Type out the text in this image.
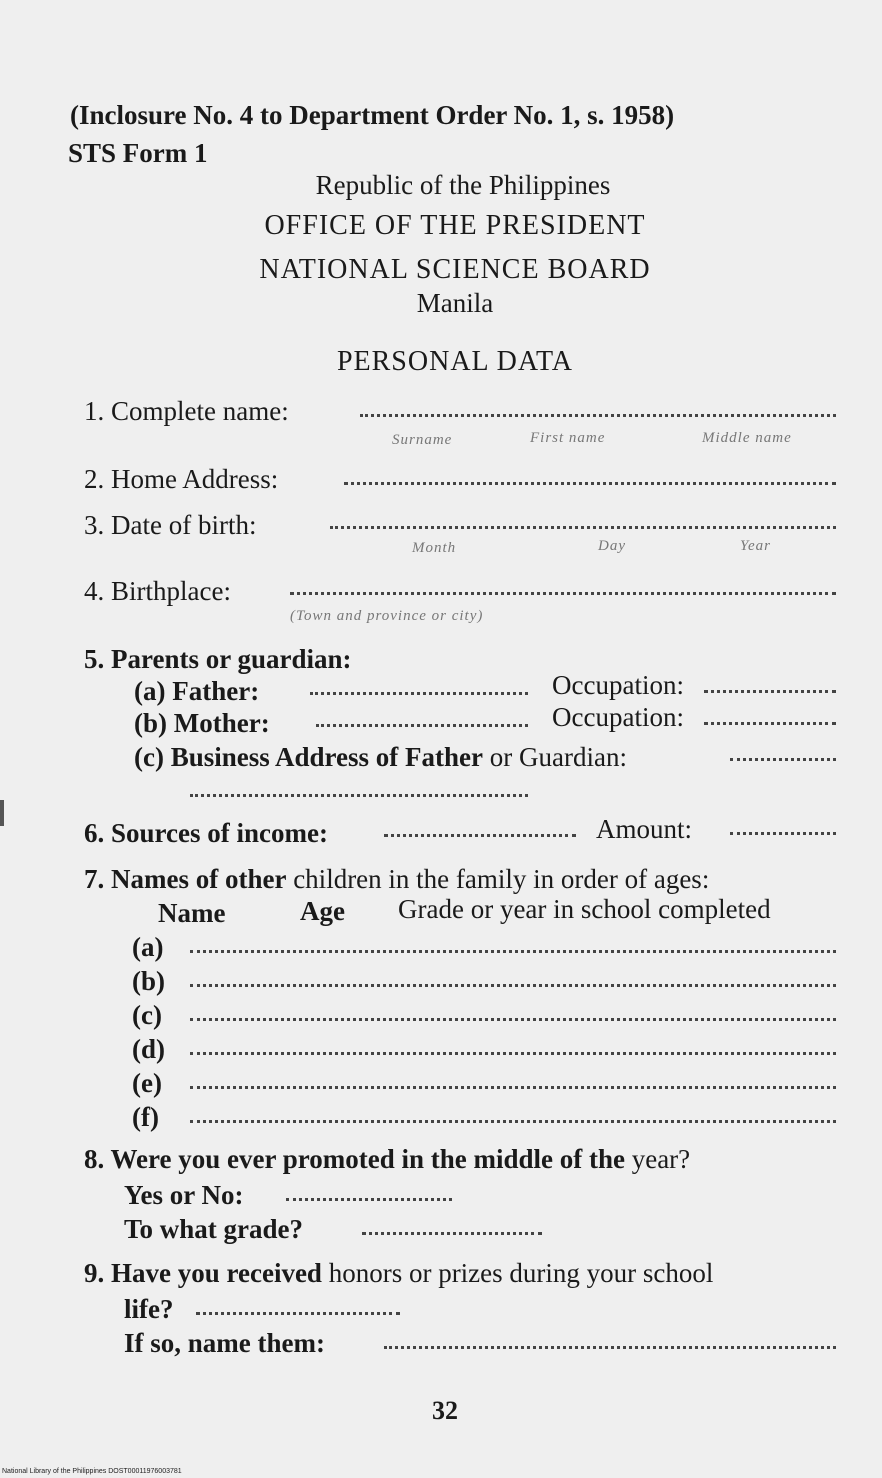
(Inclosure No. 4 to Department Order No. 1, s. 1958)
STS Form 1
Republic of the Philippines
OFFICE OF THE PRESIDENT
NATIONAL SCIENCE BOARD
Manila
PERSONAL DATA
1. Complete name:
Surname	First name	Middle name
2. Home Address:
3. Date of birth:
Month	Day	Year
4. Birthplace:
(Town and province or city)
5. Parents or guardian:
(a) Father:	Occupation:
(b) Mother:	Occupation:
(c) Business Address of Father or Guardian:
6. Sources of income:	Amount:
7. Names of other children in the family in order of ages:
Name	Age Grade or year in school completed
(a)
(b)
(c)
(d)
(e)
(f)
8. Were you ever promoted in the middle of the year?
Yes or No:
To what grade?
9. Have you received honors or prizes during your school
life?
If so, name them:
32
National Library of the Philippines DOST00011976003781
